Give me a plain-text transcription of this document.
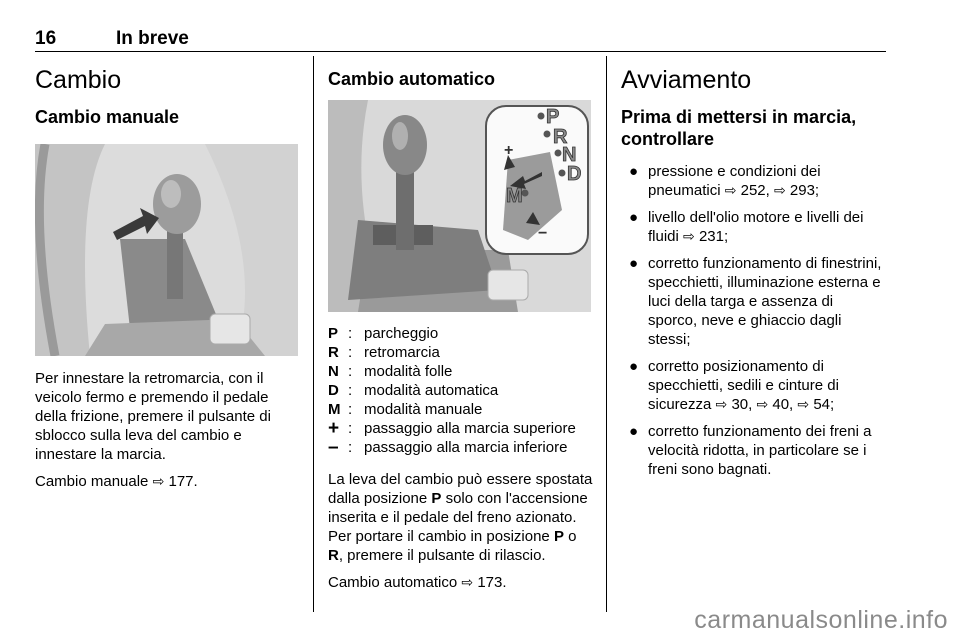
16	In breve
Cambio
Cambio manuale

Per innestare la retromarcia, con il veicolo fermo e premendo il pedale della frizione, premere il pulsante di sblocco sulla leva del cambio e innestare la marcia.

Cambio manuale ⇨ 177.

Cambio automatico
P
R
N
D
M
+
−
P : parcheggio
R : retromarcia
N : modalità folle
D : modalità automatica
M : modalità manuale
+ : passaggio alla marcia superiore
– : passaggio alla marcia inferiore

La leva del cambio può essere spostata dalla posizione P solo con l'accensione inserita e il pedale del freno azionato. Per portare il cambio in posizione P o R, premere il pulsante di rilascio.

Cambio automatico ⇨ 173.

Avviamento
Prima di mettersi in marcia, controllare
● pressione e condizioni dei pneumatici ⇨ 252, ⇨ 293;
● livello dell'olio motore e livelli dei fluidi ⇨ 231;
● corretto funzionamento di finestrini, specchietti, illuminazione esterna e luci della targa e assenza di sporco, neve e ghiaccio dagli stessi;
● corretto posizionamento di specchietti, sedili e cinture di sicurezza ⇨ 30, ⇨ 40, ⇨ 54;
● corretto funzionamento dei freni a velocità ridotta, in particolare se i freni sono bagnati.
carmanualsonline.info
